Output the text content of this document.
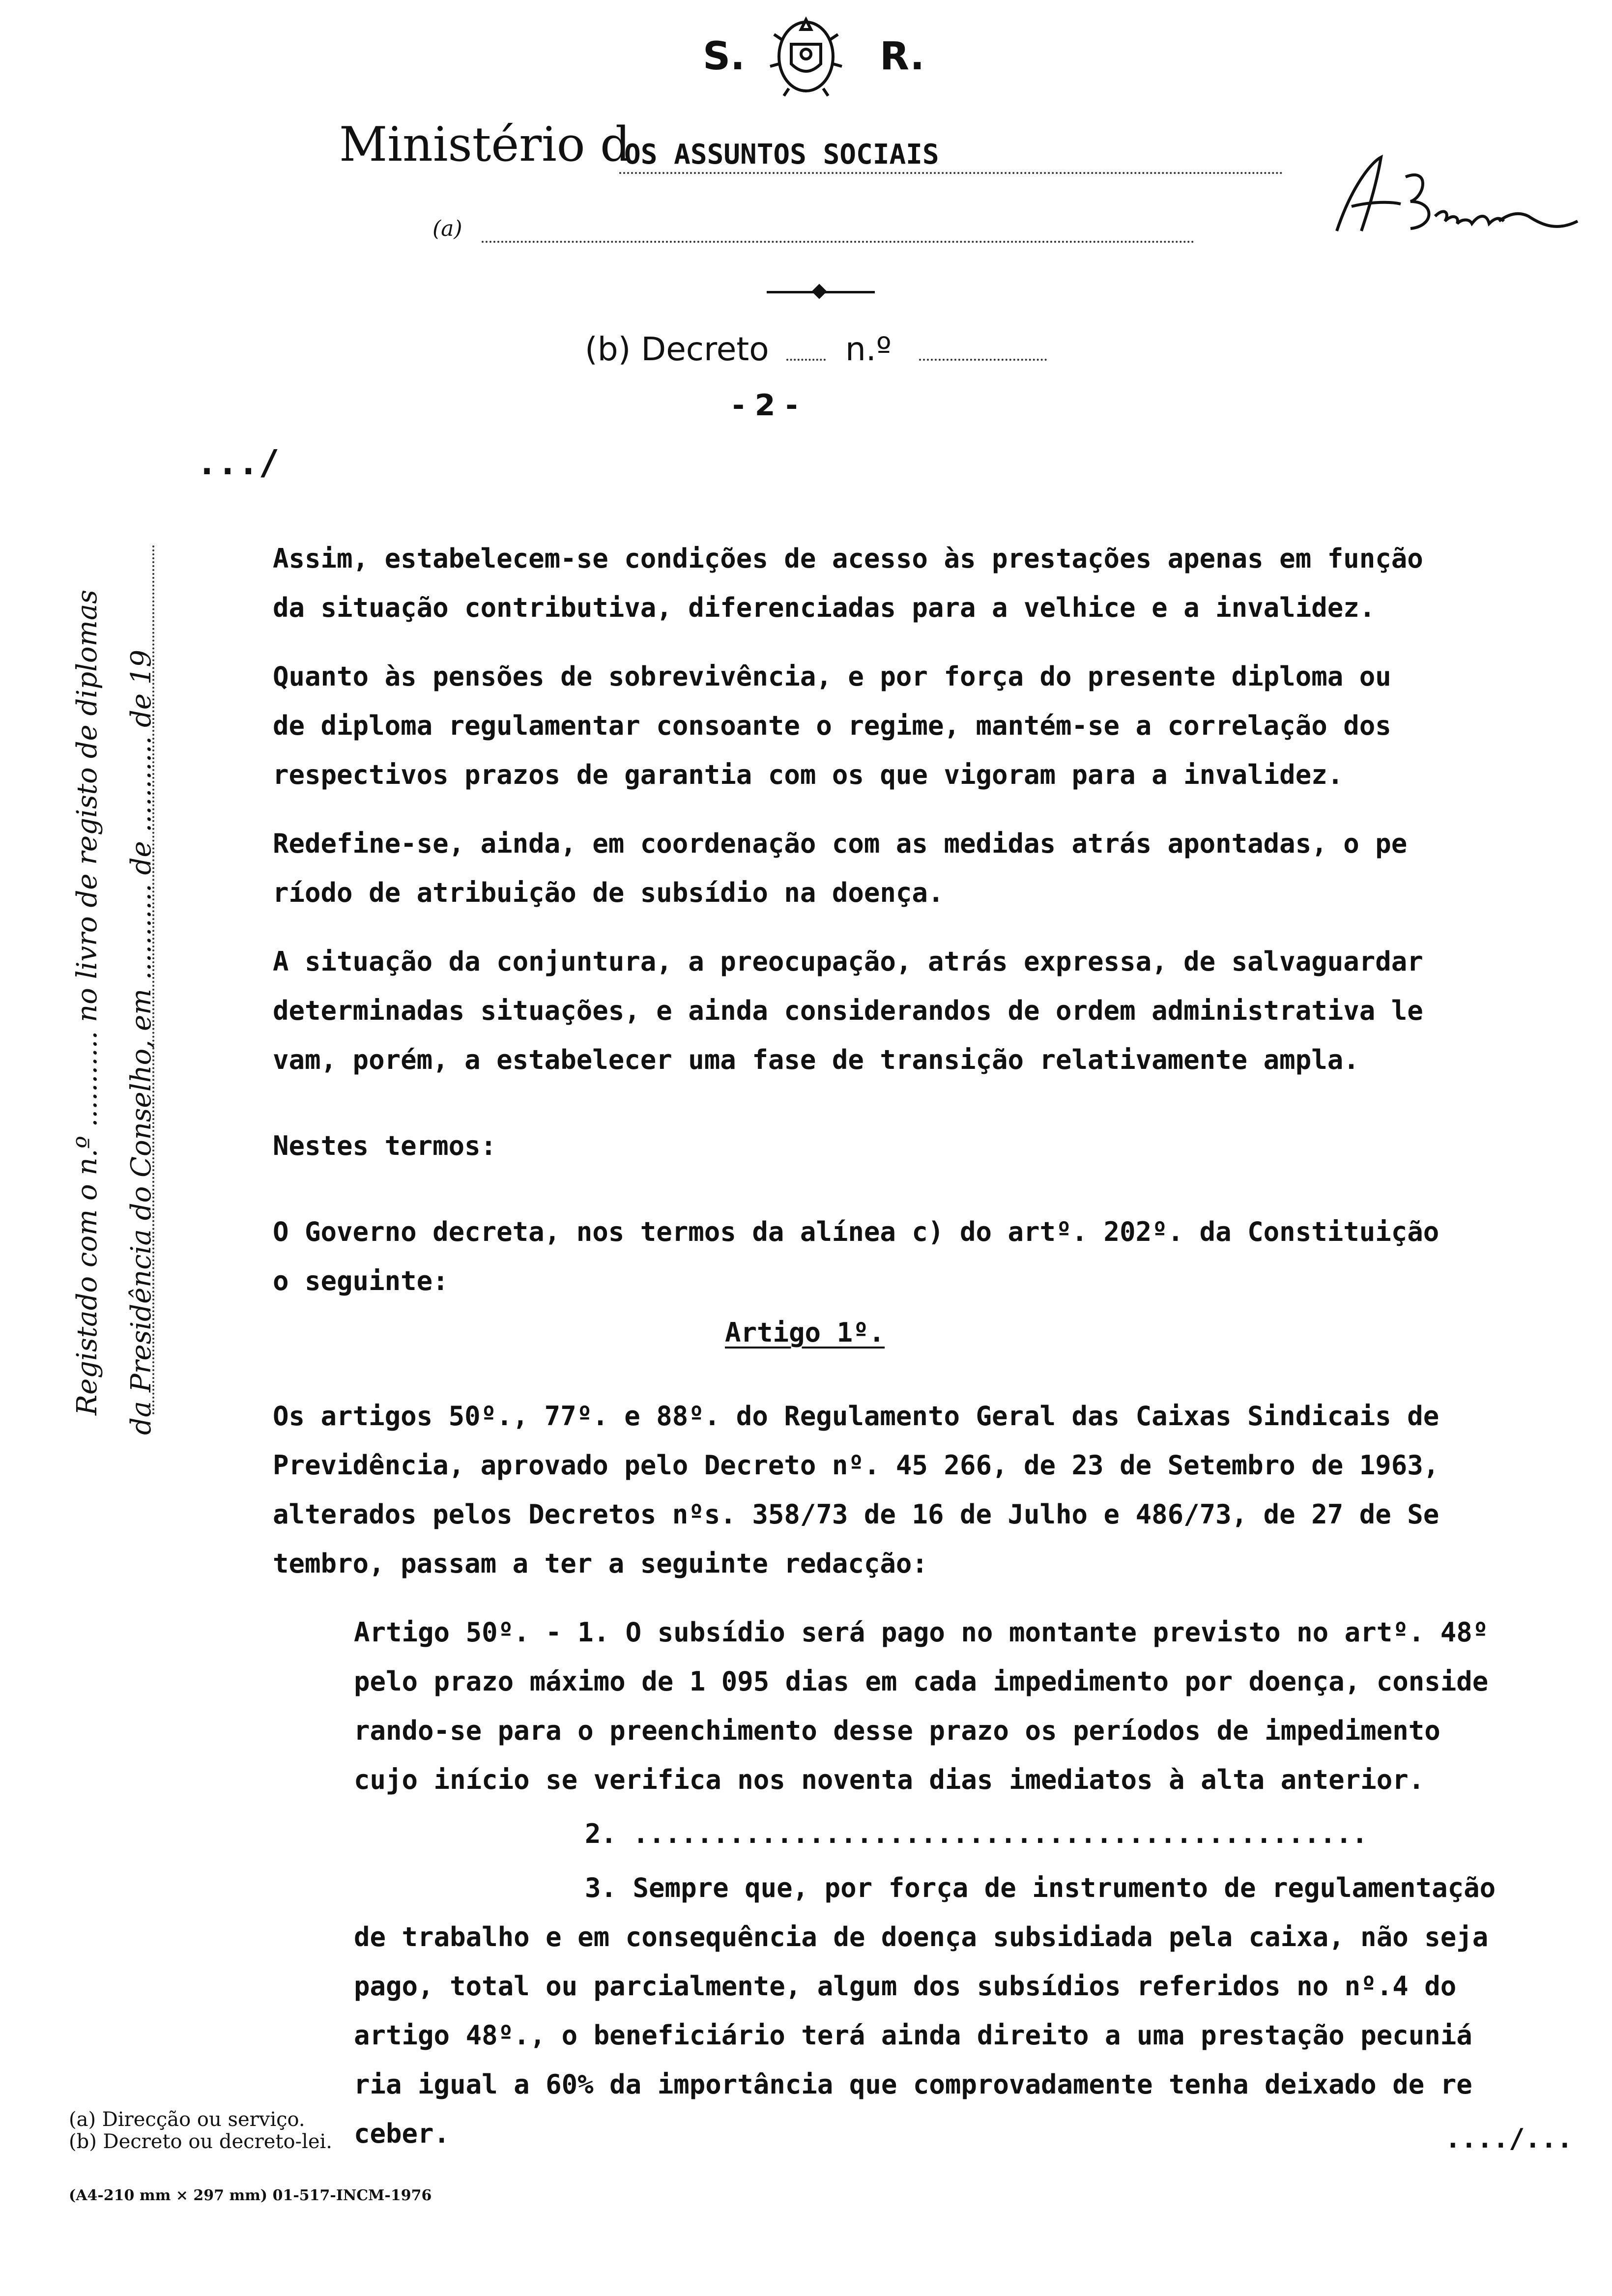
S.	R.
Ministério d
OS ASSUNTOS SOCIAIS
(a)
(b) Decreto n.º
- 2 -
...∕
Registado com o n.º ........... no livro de registo de diplomas da Presidência do Conselho, em ........... de ........... de 19
Assim, estabelecem-se condições de acesso às prestações apenas em função
da situação contributiva, diferenciadas para a velhice e a invalidez.
Quanto às pensões de sobrevivência, e por força do presente diploma ou
de diploma regulamentar consoante o regime, mantém-se a correlação dos
respectivos prazos de garantia com os que vigoram para a invalidez.
Redefine-se, ainda, em coordenação com as medidas atrás apontadas, o pe
ríodo de atribuição de subsídio na doença.
A situação da conjuntura, a preocupação, atrás expressa, de salvaguardar
determinadas situações, e ainda considerandos de ordem administrativa le
vam, porém, a estabelecer uma fase de transição relativamente ampla.
Nestes termos:
O Governo decreta, nos termos da alínea c) do artº. 202º. da Constituição
o seguinte:
Artigo 1º.
Os artigos 50º., 77º. e 88º. do Regulamento Geral das Caixas Sindicais de
Previdência, aprovado pelo Decreto nº. 45 266, de 23 de Setembro de 1963,
alterados pelos Decretos nºs. 358/73 de 16 de Julho e 486/73, de 27 de Se
tembro, passam a ter a seguinte redacção:
Artigo 50º. - 1. O subsídio será pago no montante previsto no artº. 48º
pelo prazo máximo de 1 095 dias em cada impedimento por doença, conside
rando-se para o preenchimento desse prazo os períodos de impedimento
cujo início se verifica nos noventa dias imediatos à alta anterior.
2. ..............................................
3. Sempre que, por força de instrumento de regulamentação
de trabalho e em consequência de doença subsidiada pela caixa, não seja
pago, total ou parcialmente, algum dos subsídios referidos no nº.4 do
artigo 48º., o beneficiário terá ainda direito a uma prestação pecuniá
ria igual a 60% da importância que comprovadamente tenha deixado de re
ceber.	..../...
(a) Direcção ou serviço.
(b) Decreto ou decreto-lei.
(A4-210 mm × 297 mm) 01-517-INCM-1976
